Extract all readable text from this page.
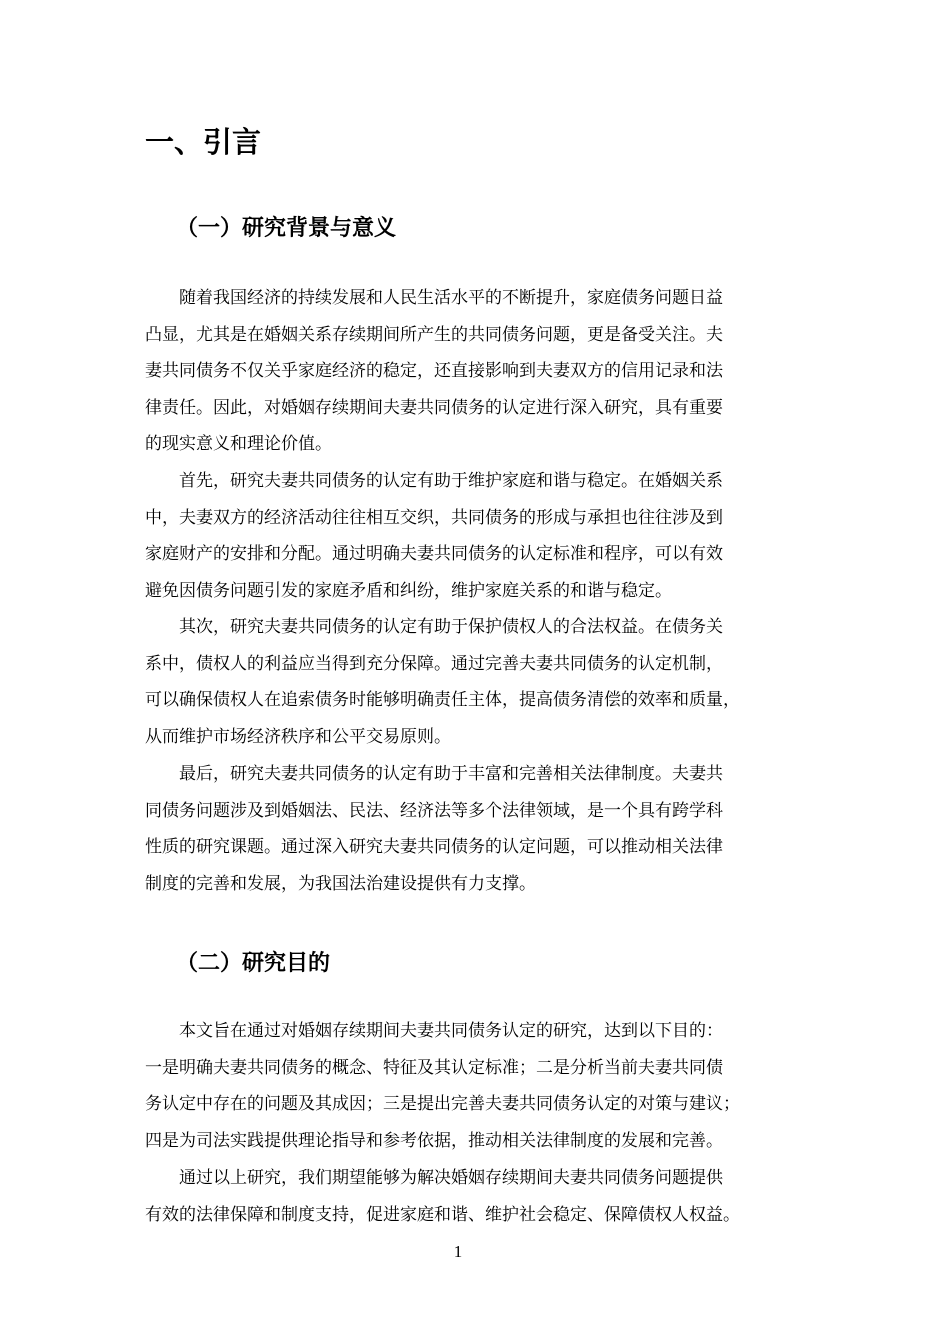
一、引言
（一）研究背景与意义
随着我国经济的持续发展和人民生活水平的不断提升，家庭债务问题日益
凸显，尤其是在婚姻关系存续期间所产生的共同债务问题，更是备受关注。夫
妻共同债务不仅关乎家庭经济的稳定，还直接影响到夫妻双方的信用记录和法
律责任。因此，对婚姻存续期间夫妻共同债务的认定进行深入研究，具有重要
的现实意义和理论价值。
首先，研究夫妻共同债务的认定有助于维护家庭和谐与稳定。在婚姻关系
中，夫妻双方的经济活动往往相互交织，共同债务的形成与承担也往往涉及到
家庭财产的安排和分配。通过明确夫妻共同债务的认定标准和程序，可以有效
避免因债务问题引发的家庭矛盾和纠纷，维护家庭关系的和谐与稳定。
其次，研究夫妻共同债务的认定有助于保护债权人的合法权益。在债务关
系中，债权人的利益应当得到充分保障。通过完善夫妻共同债务的认定机制，
可以确保债权人在追索债务时能够明确责任主体，提高债务清偿的效率和质量，
从而维护市场经济秩序和公平交易原则。
最后，研究夫妻共同债务的认定有助于丰富和完善相关法律制度。夫妻共
同债务问题涉及到婚姻法、民法、经济法等多个法律领域，是一个具有跨学科
性质的研究课题。通过深入研究夫妻共同债务的认定问题，可以推动相关法律
制度的完善和发展，为我国法治建设提供有力支撑。
（二）研究目的
本文旨在通过对婚姻存续期间夫妻共同债务认定的研究，达到以下目的：
一是明确夫妻共同债务的概念、特征及其认定标准；二是分析当前夫妻共同债
务认定中存在的问题及其成因；三是提出完善夫妻共同债务认定的对策与建议；
四是为司法实践提供理论指导和参考依据，推动相关法律制度的发展和完善。
通过以上研究，我们期望能够为解决婚姻存续期间夫妻共同债务问题提供
有效的法律保障和制度支持，促进家庭和谐、维护社会稳定、保障债权人权益。
1
